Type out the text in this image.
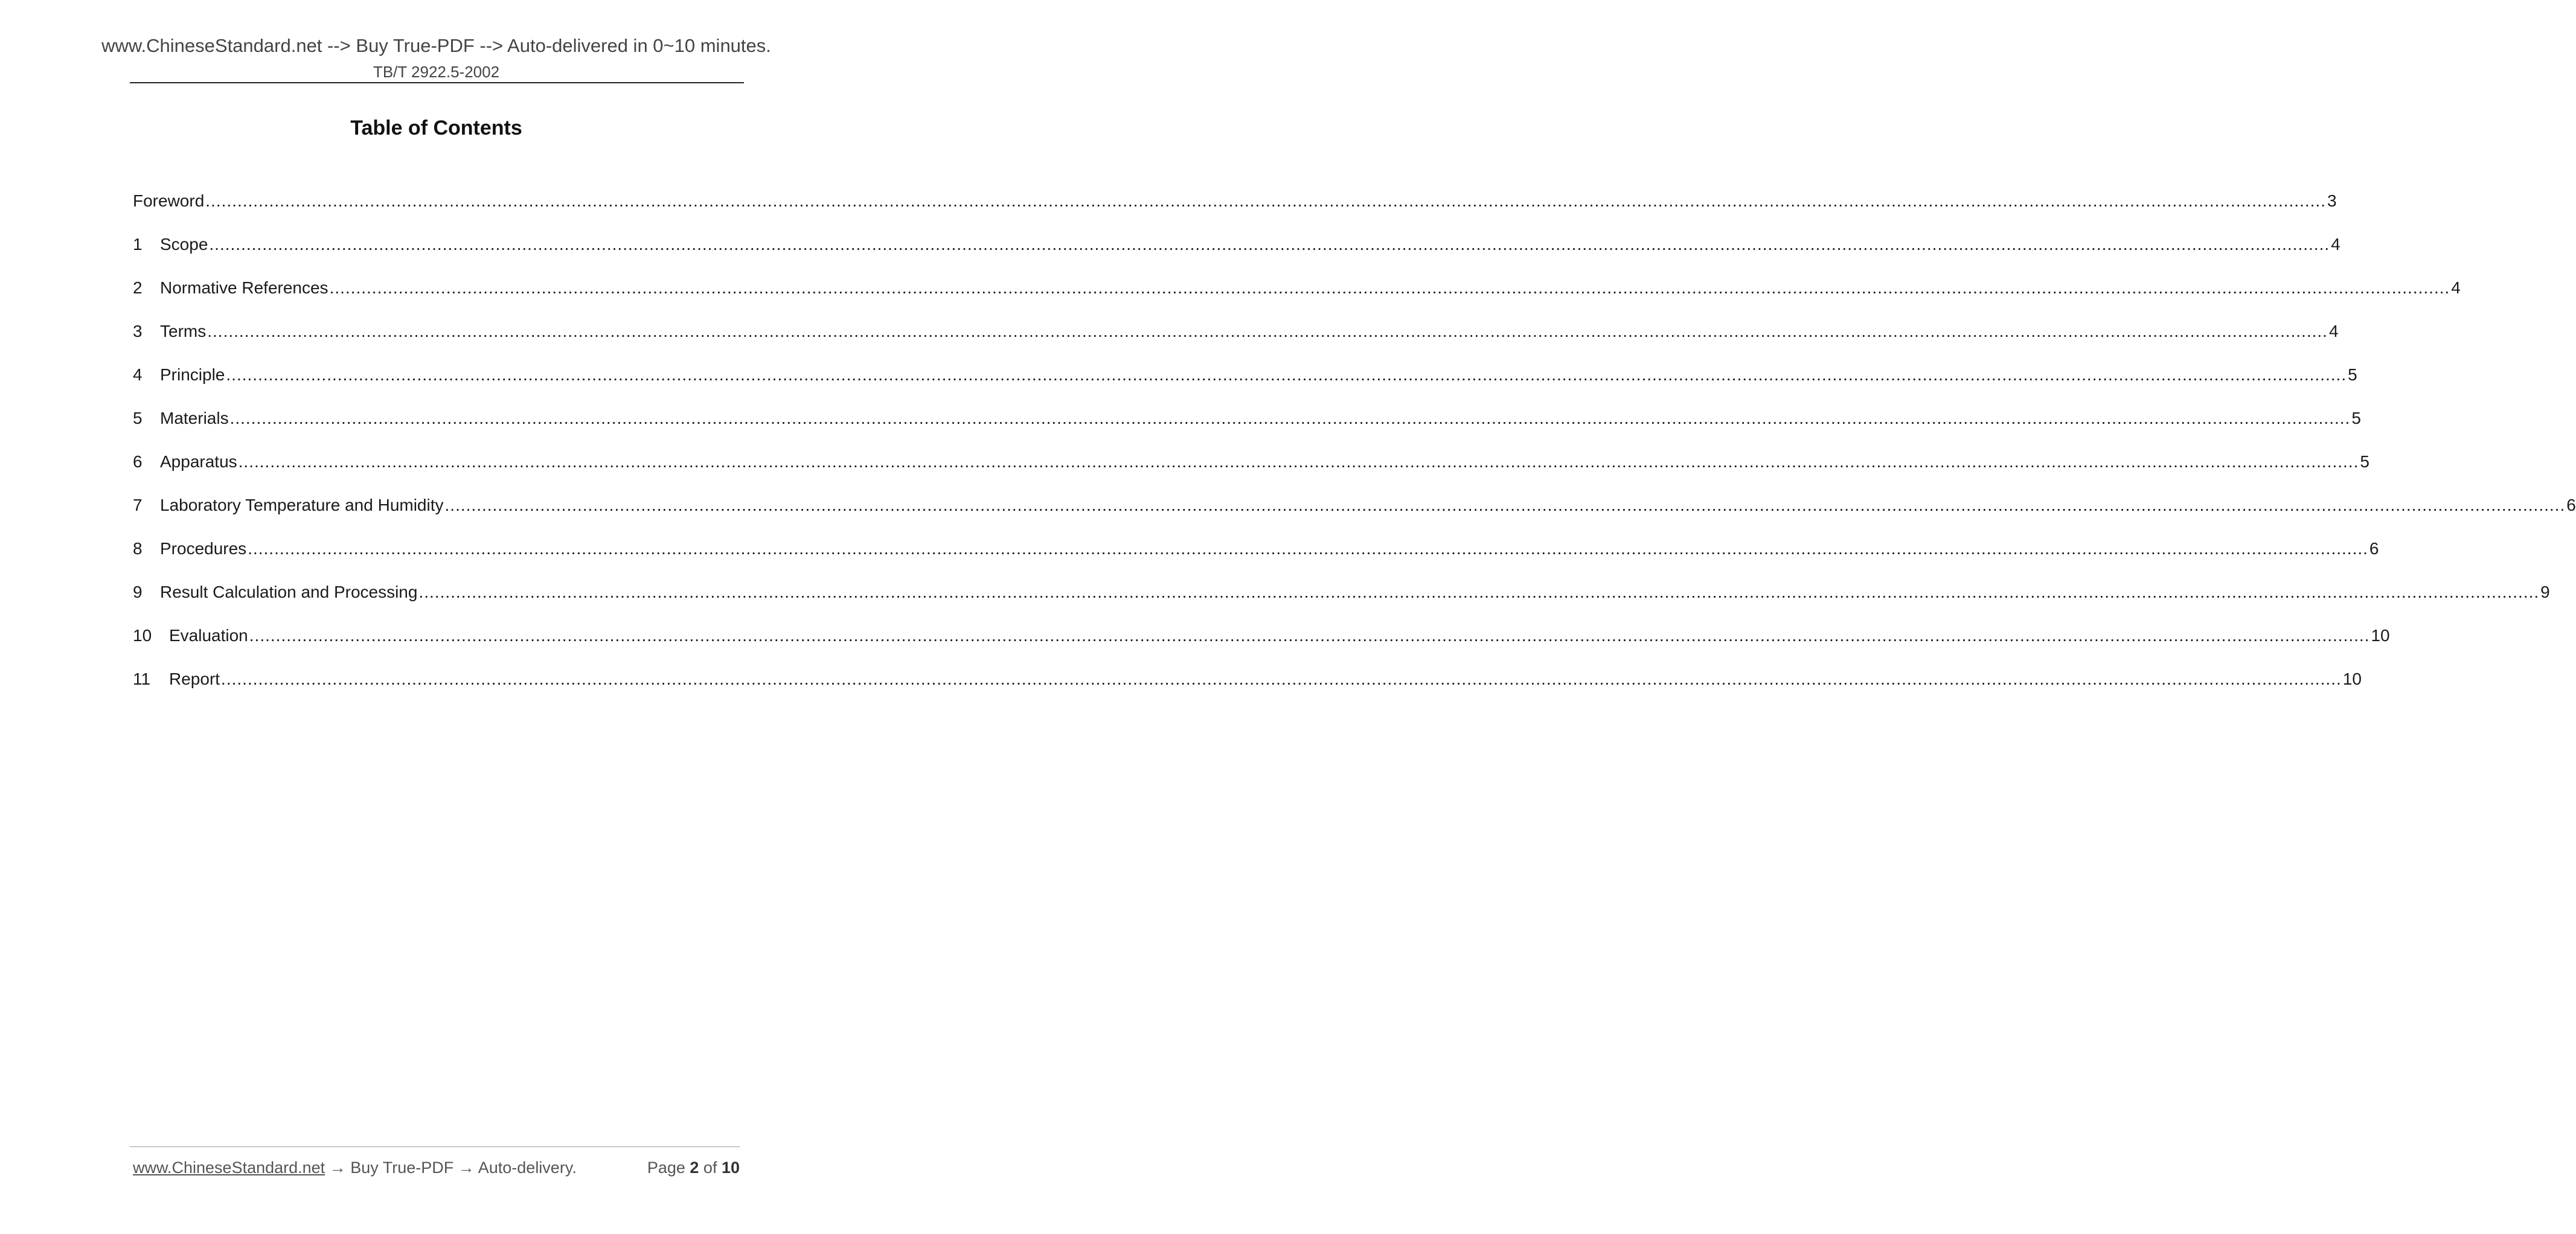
www.ChineseStandard.net --> Buy True-PDF --> Auto-delivered in 0~10 minutes.
TB/T 2922.5-2002
Table of Contents
Foreword ................................................................................................................................................................................................................................................................................................................................................................................................................ 3
1	Scope ................................................................................................................................................................................................................................................................................................................................................................................................................ 4
2	Normative References ................................................................................................................................................................................................................................................................................................................................................................................................................ 4
3	Terms ................................................................................................................................................................................................................................................................................................................................................................................................................ 4
4	Principle ................................................................................................................................................................................................................................................................................................................................................................................................................ 5
5	Materials ................................................................................................................................................................................................................................................................................................................................................................................................................ 5
6	Apparatus ................................................................................................................................................................................................................................................................................................................................................................................................................ 5
7	Laboratory Temperature and Humidity ................................................................................................................................................................................................................................................................................................................................................................................................................ 6
8	Procedures ................................................................................................................................................................................................................................................................................................................................................................................................................ 6
9	Result Calculation and Processing ................................................................................................................................................................................................................................................................................................................................................................................................................ 9
10	Evaluation ................................................................................................................................................................................................................................................................................................................................................................................................................ 10
11	Report ................................................................................................................................................................................................................................................................................................................................................................................................................ 10
www.ChineseStandard.net → Buy True-PDF → Auto-delivery.	Page 2 of 10
